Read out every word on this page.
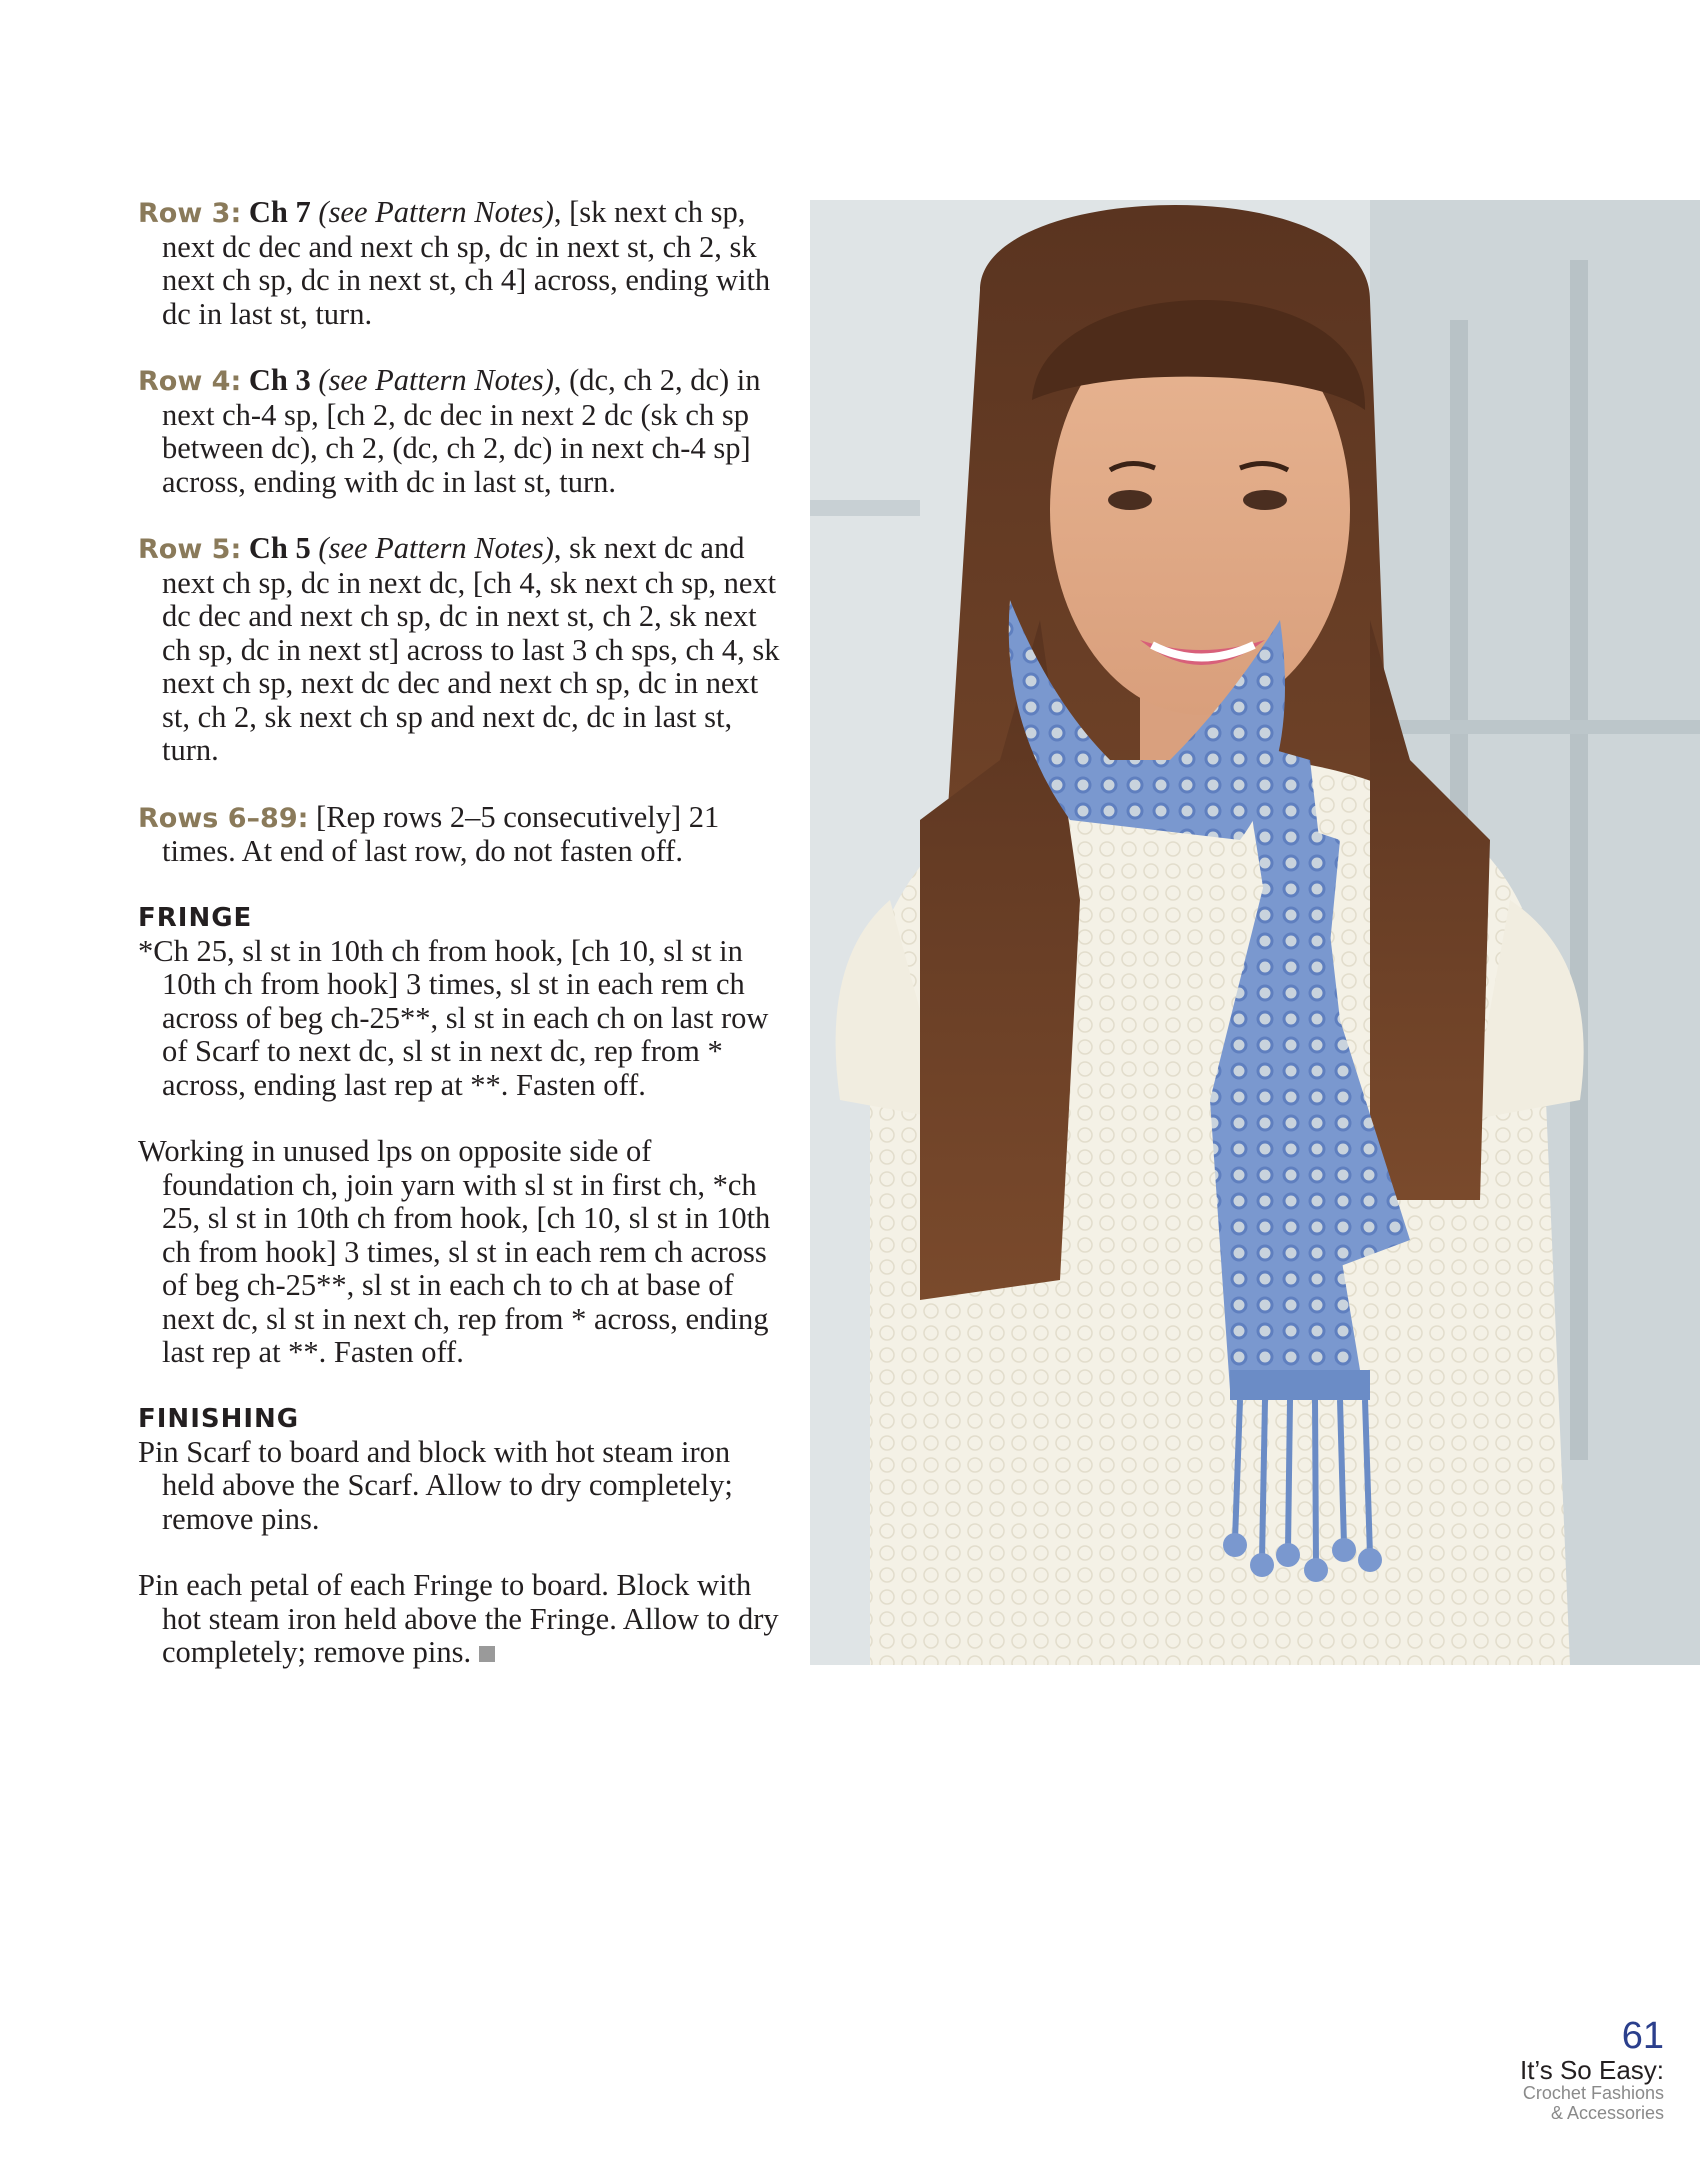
Row 3: Ch 7 (see Pattern Notes), [sk next ch sp, next dc dec and next ch sp, dc in next st, ch 2, sk next ch sp, dc in next st, ch 4] across, ending with dc in last st, turn.

Row 4: Ch 3 (see Pattern Notes), (dc, ch 2, dc) in next ch-4 sp, [ch 2, dc dec in next 2 dc (sk ch sp between dc), ch 2, (dc, ch 2, dc) in next ch-4 sp] across, ending with dc in last st, turn.

Row 5: Ch 5 (see Pattern Notes), sk next dc and next ch sp, dc in next dc, [ch 4, sk next ch sp, next dc dec and next ch sp, dc in next st, ch 2, sk next ch sp, dc in next st] across to last 3 ch sps, ch 4, sk next ch sp, next dc dec and next ch sp, dc in next st, ch 2, sk next ch sp and next dc, dc in last st, turn.

Rows 6–89: [Rep rows 2–5 consecutively] 21 times. At end of last row, do not fasten off.

FRINGE

*Ch 25, sl st in 10th ch from hook, [ch 10, sl st in 10th ch from hook] 3 times, sl st in each rem ch across of beg ch-25**, sl st in each ch on last row of Scarf to next dc, sl st in next dc, rep from * across, ending last rep at **. Fasten off.

Working in unused lps on opposite side of foundation ch, join yarn with sl st in first ch, *ch 25, sl st in 10th ch from hook, [ch 10, sl st in 10th ch from hook] 3 times, sl st in each rem ch across of beg ch-25**, sl st in each ch to ch at base of next dc, sl st in next ch, rep from * across, ending last rep at **. Fasten off.

FINISHING

Pin Scarf to board and block with hot steam iron held above the Scarf. Allow to dry completely; remove pins.

Pin each petal of each Fringe to board. Block with hot steam iron held above the Fringe. Allow to dry completely; remove pins.

61
It’s So Easy:
Crochet Fashions
& Accessories
